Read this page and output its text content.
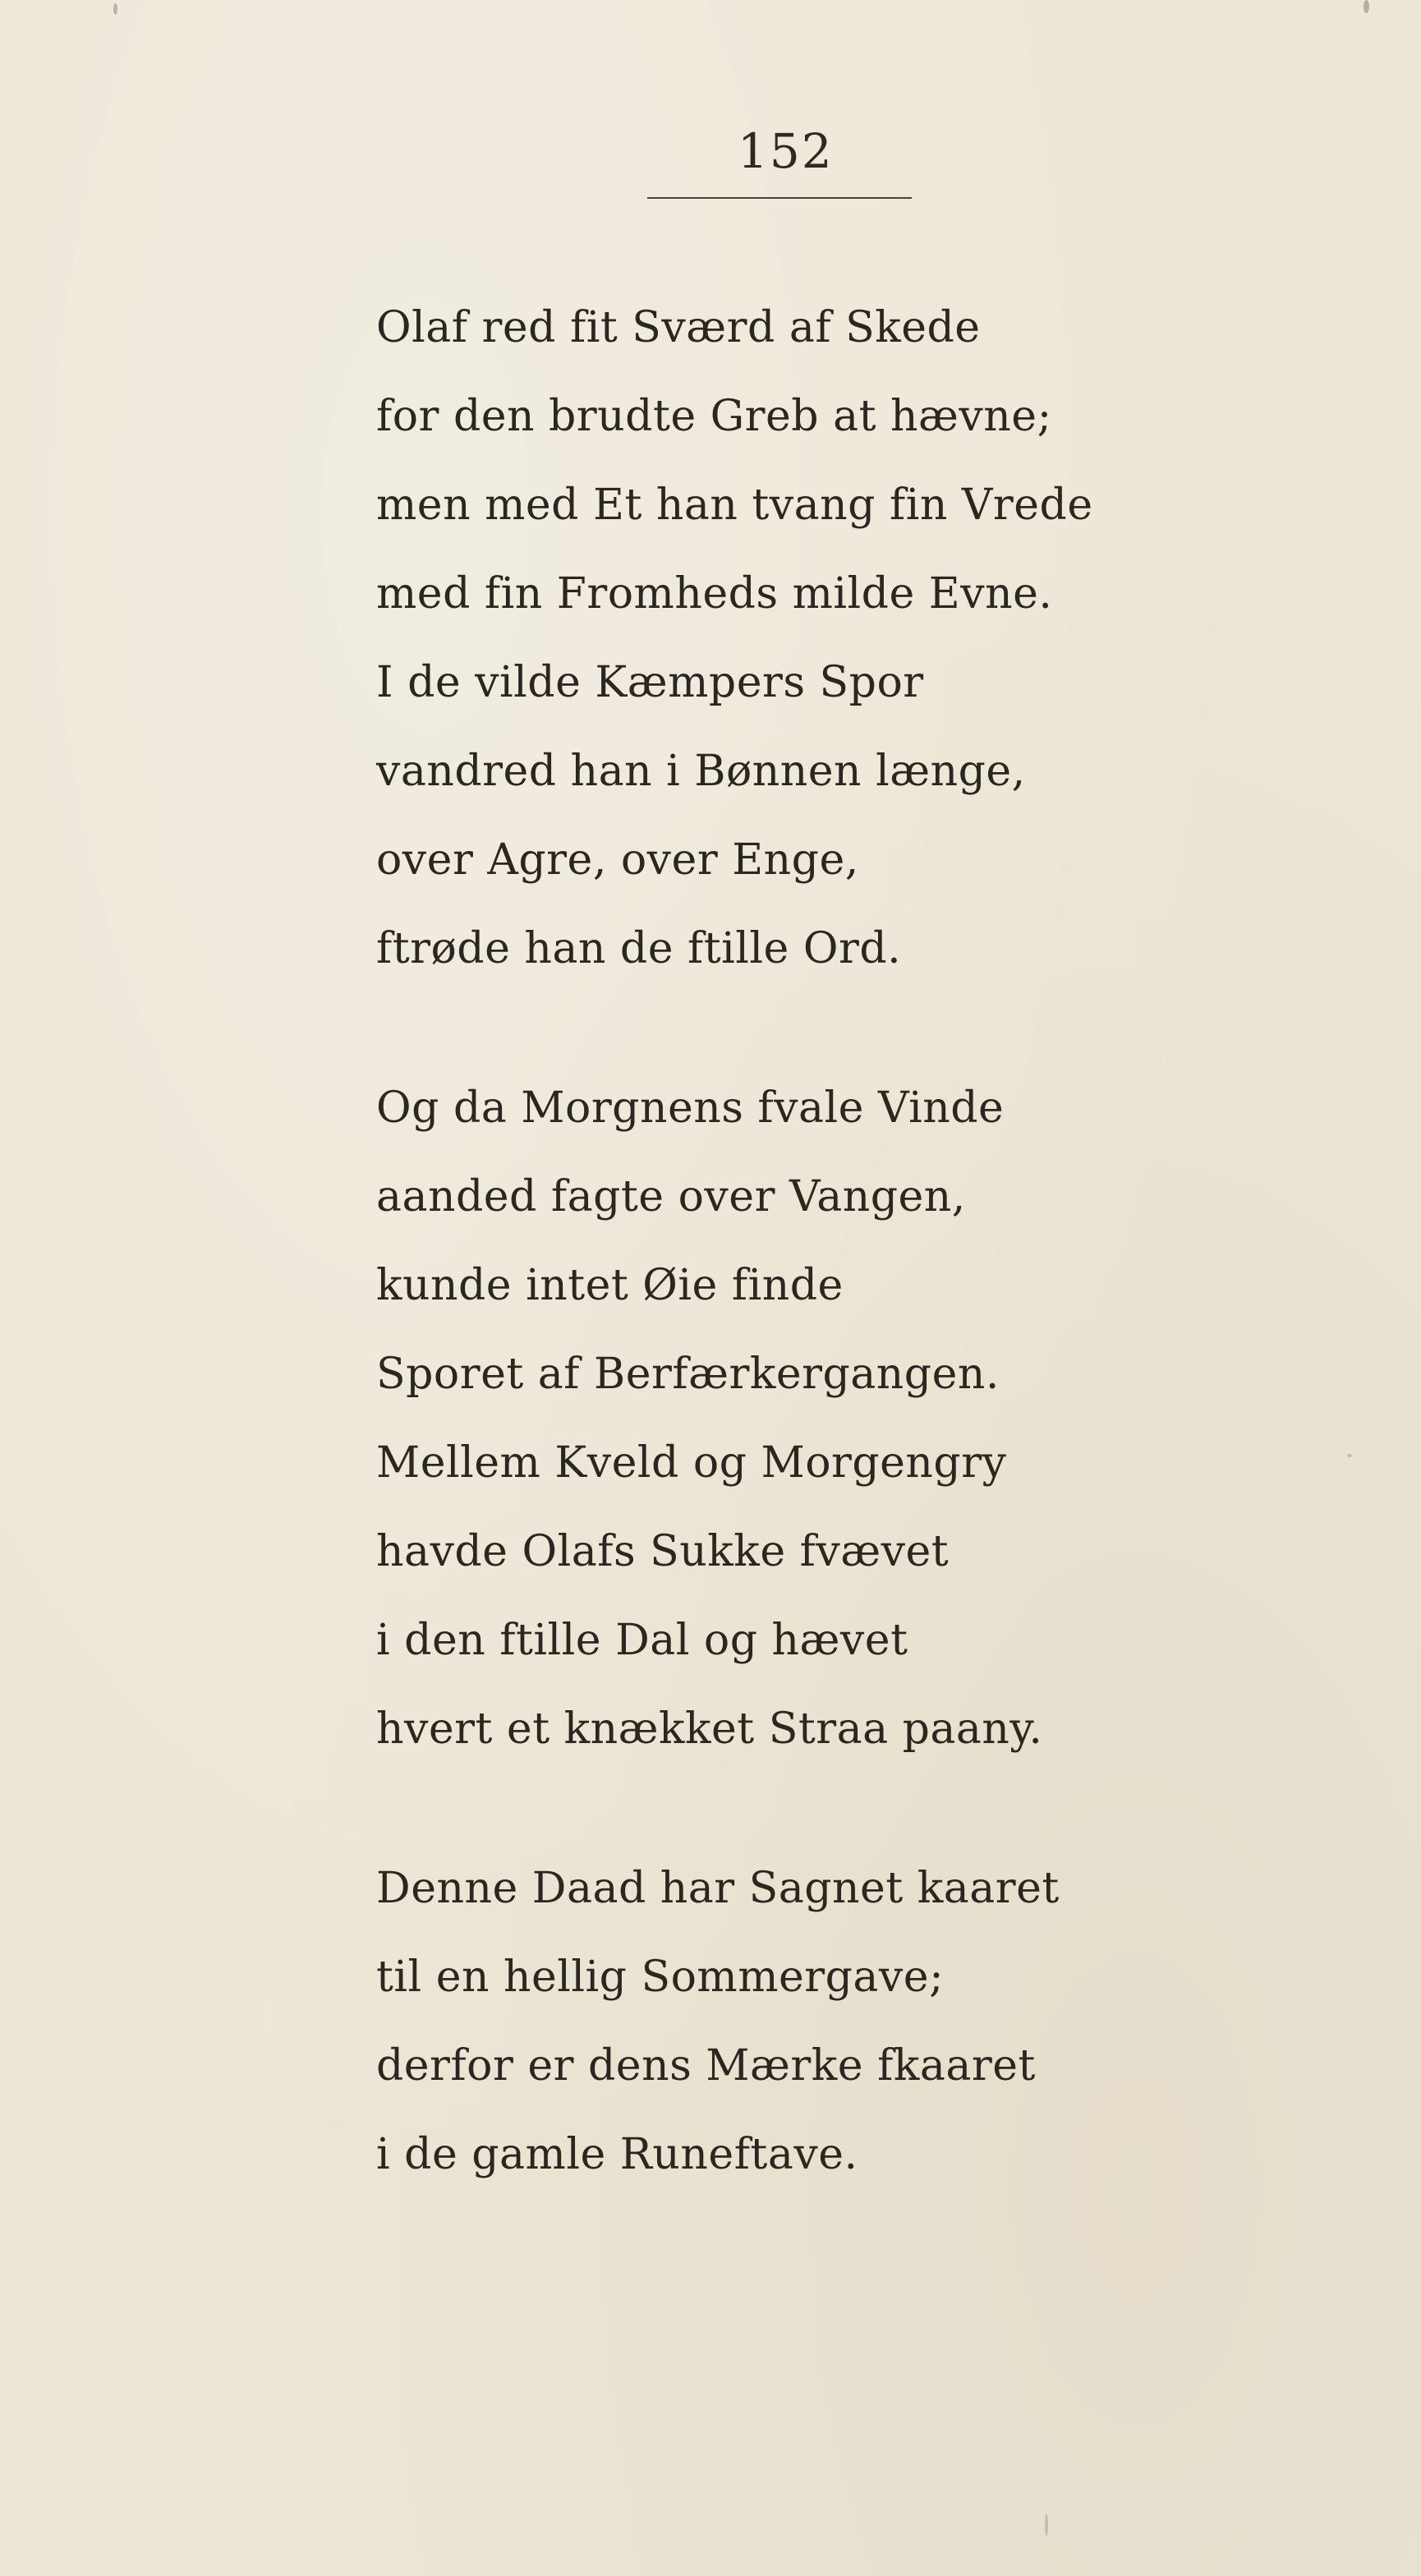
152
Olaf red fit Sværd af Skede
for den brudte Greb at hævne;
men med Et han tvang fin Vrede
med fin Fromheds milde Evne.
I de vilde Kæmpers Spor
vandred han i Bønnen længe,
over Agre, over Enge,
ftrøde han de ftille Ord.
Og da Morgnens fvale Vinde
aanded fagte over Vangen,
kunde intet Øie finde
Sporet af Berfærkergangen.
Mellem Kveld og Morgengry
havde Olafs Sukke fvævet
i den ftille Dal og hævet
hvert et knækket Straa paany.
Denne Daad har Sagnet kaaret
til en hellig Sommergave;
derfor er dens Mærke fkaaret
i de gamle Runeftave.
